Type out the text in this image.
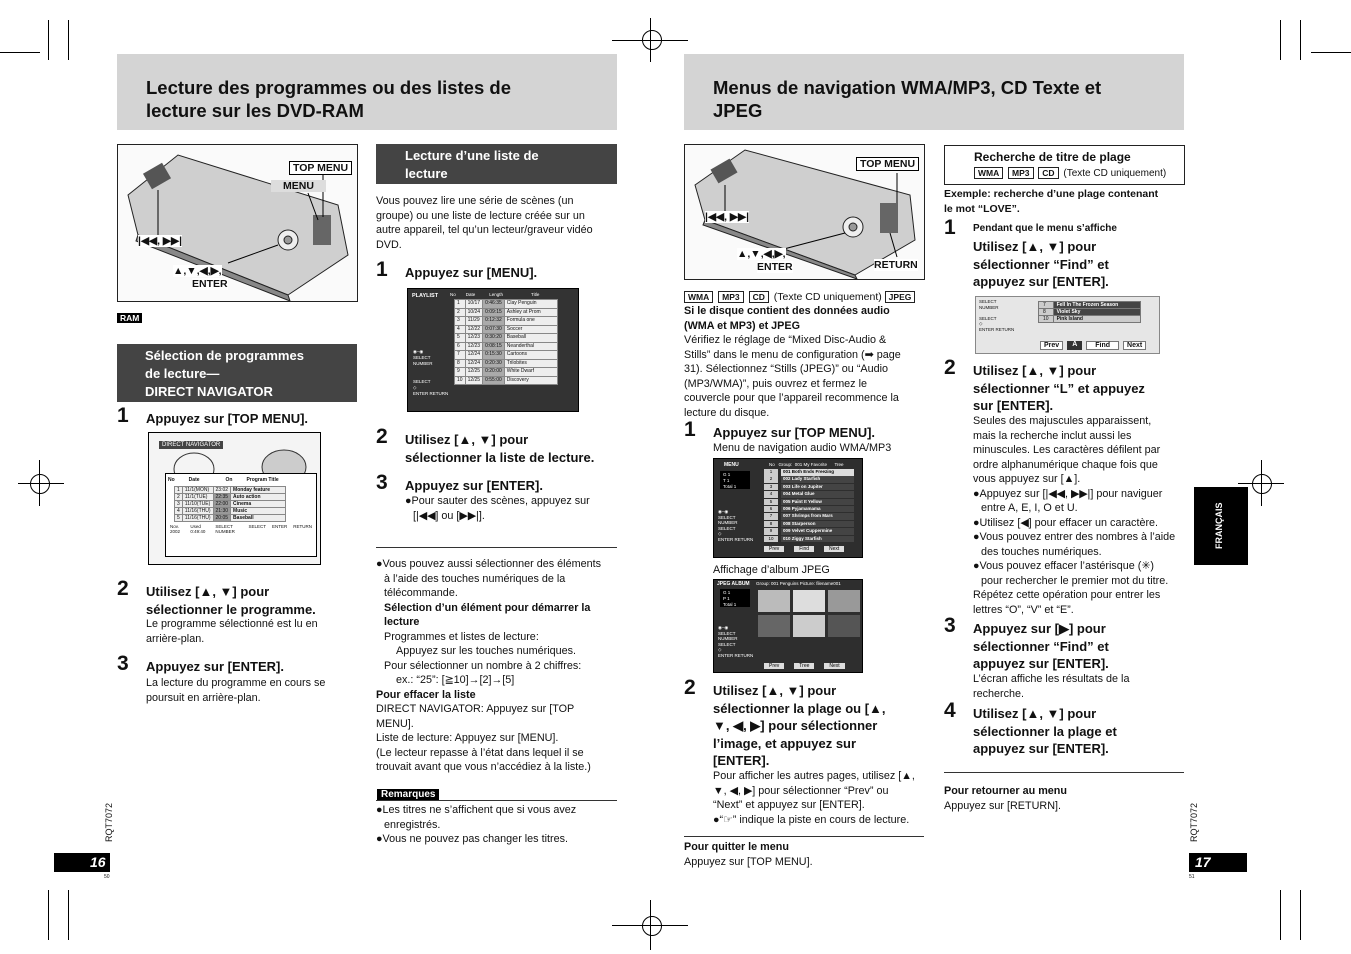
Lecture des programmes ou des listes de
lecture sur les DVD-RAM
TOP MENU
MENU
|◀◀, ▶▶|
▲,▼,◀,▶,
ENTER
RAM
Sélection de programmes
de lecture—
DIRECT NAVIGATOR
1 Appuyez sur [TOP MENU].
DIRECT NAVIGATOR
No	Date	On	Program Title
1	11/1(MON)	23:02	Monday feature
2	11/1(TUE)	22:35	Auto action
3	11/10(TUE)	22:00	Cinema
4	11/16(THU)	21:30	Music
5	11/16(THU)	20:05	Baseball
Nov. 2002
Used 0:49:40
SELECT NUMBER
SELECT ENTER RETURN
2 Utilisez [▲, ▼] pour
sélectionner le programme.
Le programme sélectionné est lu en
arrière-plan.
3 Appuyez sur [ENTER].
La lecture du programme en cours se
poursuit en arrière-plan.
Lecture d’une liste de
lecture
Vous pouvez lire une série de scènes (un
groupe) ou une liste de lecture créée sur un
autre appareil, tel qu’un lecteur/graveur vidéo
DVD.
1 Appuyez sur [MENU].
PLAYLIST
◉–◉
SELECT
NUMBER
SELECT
◇
ENTER RETURN
No Date	Length	Title
1	10/17	0:46:35	Clay Penguin
2	10/24	0:09:15	Ashley at Prom
3	11/29	0:12:32	Formula one
4	12/22	0:07:30	Soccer
5	12/23	0:30:20	Baseball
6	12/23	0:08:15	Neanderthal
7	12/24	0:15:30	Cartoons
8	12/24	0:20:30	Trilobites
9	12/25	0:20:00	White Dwarf
10	12/25	0:55:00	Discovery
2 Utilisez [▲, ▼] pour
sélectionner la liste de lecture.
3 Appuyez sur [ENTER].
●Pour sauter des scènes, appuyez sur
[|◀◀] ou [▶▶|].
●Vous pouvez aussi sélectionner des éléments
à l’aide des touches numériques de la
télécommande.
Sélection d’un élément pour démarrer la
lecture
Programmes et listes de lecture:
Appuyez sur les touches numériques.
Pour sélectionner un nombre à 2 chiffres:
ex.: “25”: [≧10]→[2]→[5]
Pour effacer la liste
DIRECT NAVIGATOR: Appuyez sur [TOP
MENU].
Liste de lecture: Appuyez sur [MENU].
(Le lecteur repasse à l’état dans lequel il se
trouvait avant que vous n’accédiez à la liste.)
Remarques
●Les titres ne s’affichent que si vous avez
enregistrés.
●Vous ne pouvez pas changer les titres.
RQT7072
16
50
Menus de navigation WMA/MP3, CD Texte et
JPEG
TOP MENU
|◀◀, ▶▶|
▲,▼,◀,▶,
ENTER	RETURN
WMA MP3 CD (Texte CD uniquement) JPEG
Si le disque contient des données audio
(WMA et MP3) et JPEG
Vérifiez le réglage de “Mixed Disc-Audio &
Stills” dans le menu de configuration (➡ page
31). Sélectionnez “Stills (JPEG)” ou “Audio
(MP3/WMA)”, puis ouvrez et fermez le
couvercle pour que l’appareil recommence la
lecture du disque.
1 Appuyez sur [TOP MENU].
Menu de navigation audio WMA/MP3
MENU
G 1
T 1
Total 1
◉–◉
SELECT
NUMBER
SELECT
◇
ENTER RETURN
No   Group:  001 My Favorite      Tree
1	001 Both Ends Freezing
2	002 Lady Starfish
3	003 Life on Jupiter
4	004 Metal Glue
5	005 Paint It Yellow
6	006 Pyjamamama
7	007 Shrimps from Mars
8	008 Starperson
9	009 Velvet Cuppermine
10	010 Ziggy Starfish
Prev	Find	Next
Affichage d’album JPEG
JPEG ALBUM Group: 001 Penguins Picture: filename001
G 1
P 1
Total 1
◉–◉
SELECT
NUMBER
SELECT
◇
ENTER RETURN
Prev	Tree	Next
2 Utilisez [▲, ▼] pour
sélectionner la plage ou [▲,
▼, ◀, ▶] pour sélectionner
l’image, et appuyez sur
[ENTER].
Pour afficher les autres pages, utilisez [▲,
▼, ◀, ▶] pour sélectionner “Prev” ou
“Next” et appuyez sur [ENTER].
●“☞” indique la piste en cours de lecture.
Pour quitter le menu
Appuyez sur [TOP MENU].
Recherche de titre de plage
WMA MP3 CD (Texte CD uniquement)
Exemple: recherche d’une plage contenant
le mot “LOVE”.
1 Pendant que le menu s’affiche
Utilisez [▲, ▼] pour
sélectionner “Find” et
appuyez sur [ENTER].
SELECT
NUMBER

SELECT
◇
ENTER RETURN
7	Fell In The Frozen Season
8	Violet Sky
10	Pink Island
Prev	A	Find	Next
2 Utilisez [▲, ▼] pour
sélectionner “L” et appuyez
sur [ENTER].
Seules des majuscules apparaissent,
mais la recherche inclut aussi les
minuscules. Les caractères défilent par
ordre alphanumérique chaque fois que
vous appuyez sur [▲].
●Appuyez sur [|◀◀, ▶▶|] pour naviguer
entre A, E, I, O et U.
●Utilisez [◀] pour effacer un caractère.
●Vous pouvez entrer des nombres à l’aide
des touches numériques.
●Vous pouvez effacer l’astérisque (✳)
pour rechercher le premier mot du titre.
Répétez cette opération pour entrer les
lettres “O”, “V” et “E”.
3 Appuyez sur [▶] pour
sélectionner “Find” et
appuyez sur [ENTER].
L’écran affiche les résultats de la
recherche.
4 Utilisez [▲, ▼] pour
sélectionner la plage et
appuyez sur [ENTER].
Pour retourner au menu
Appuyez sur [RETURN].
FRANÇAIS
RQT7072
17
51
